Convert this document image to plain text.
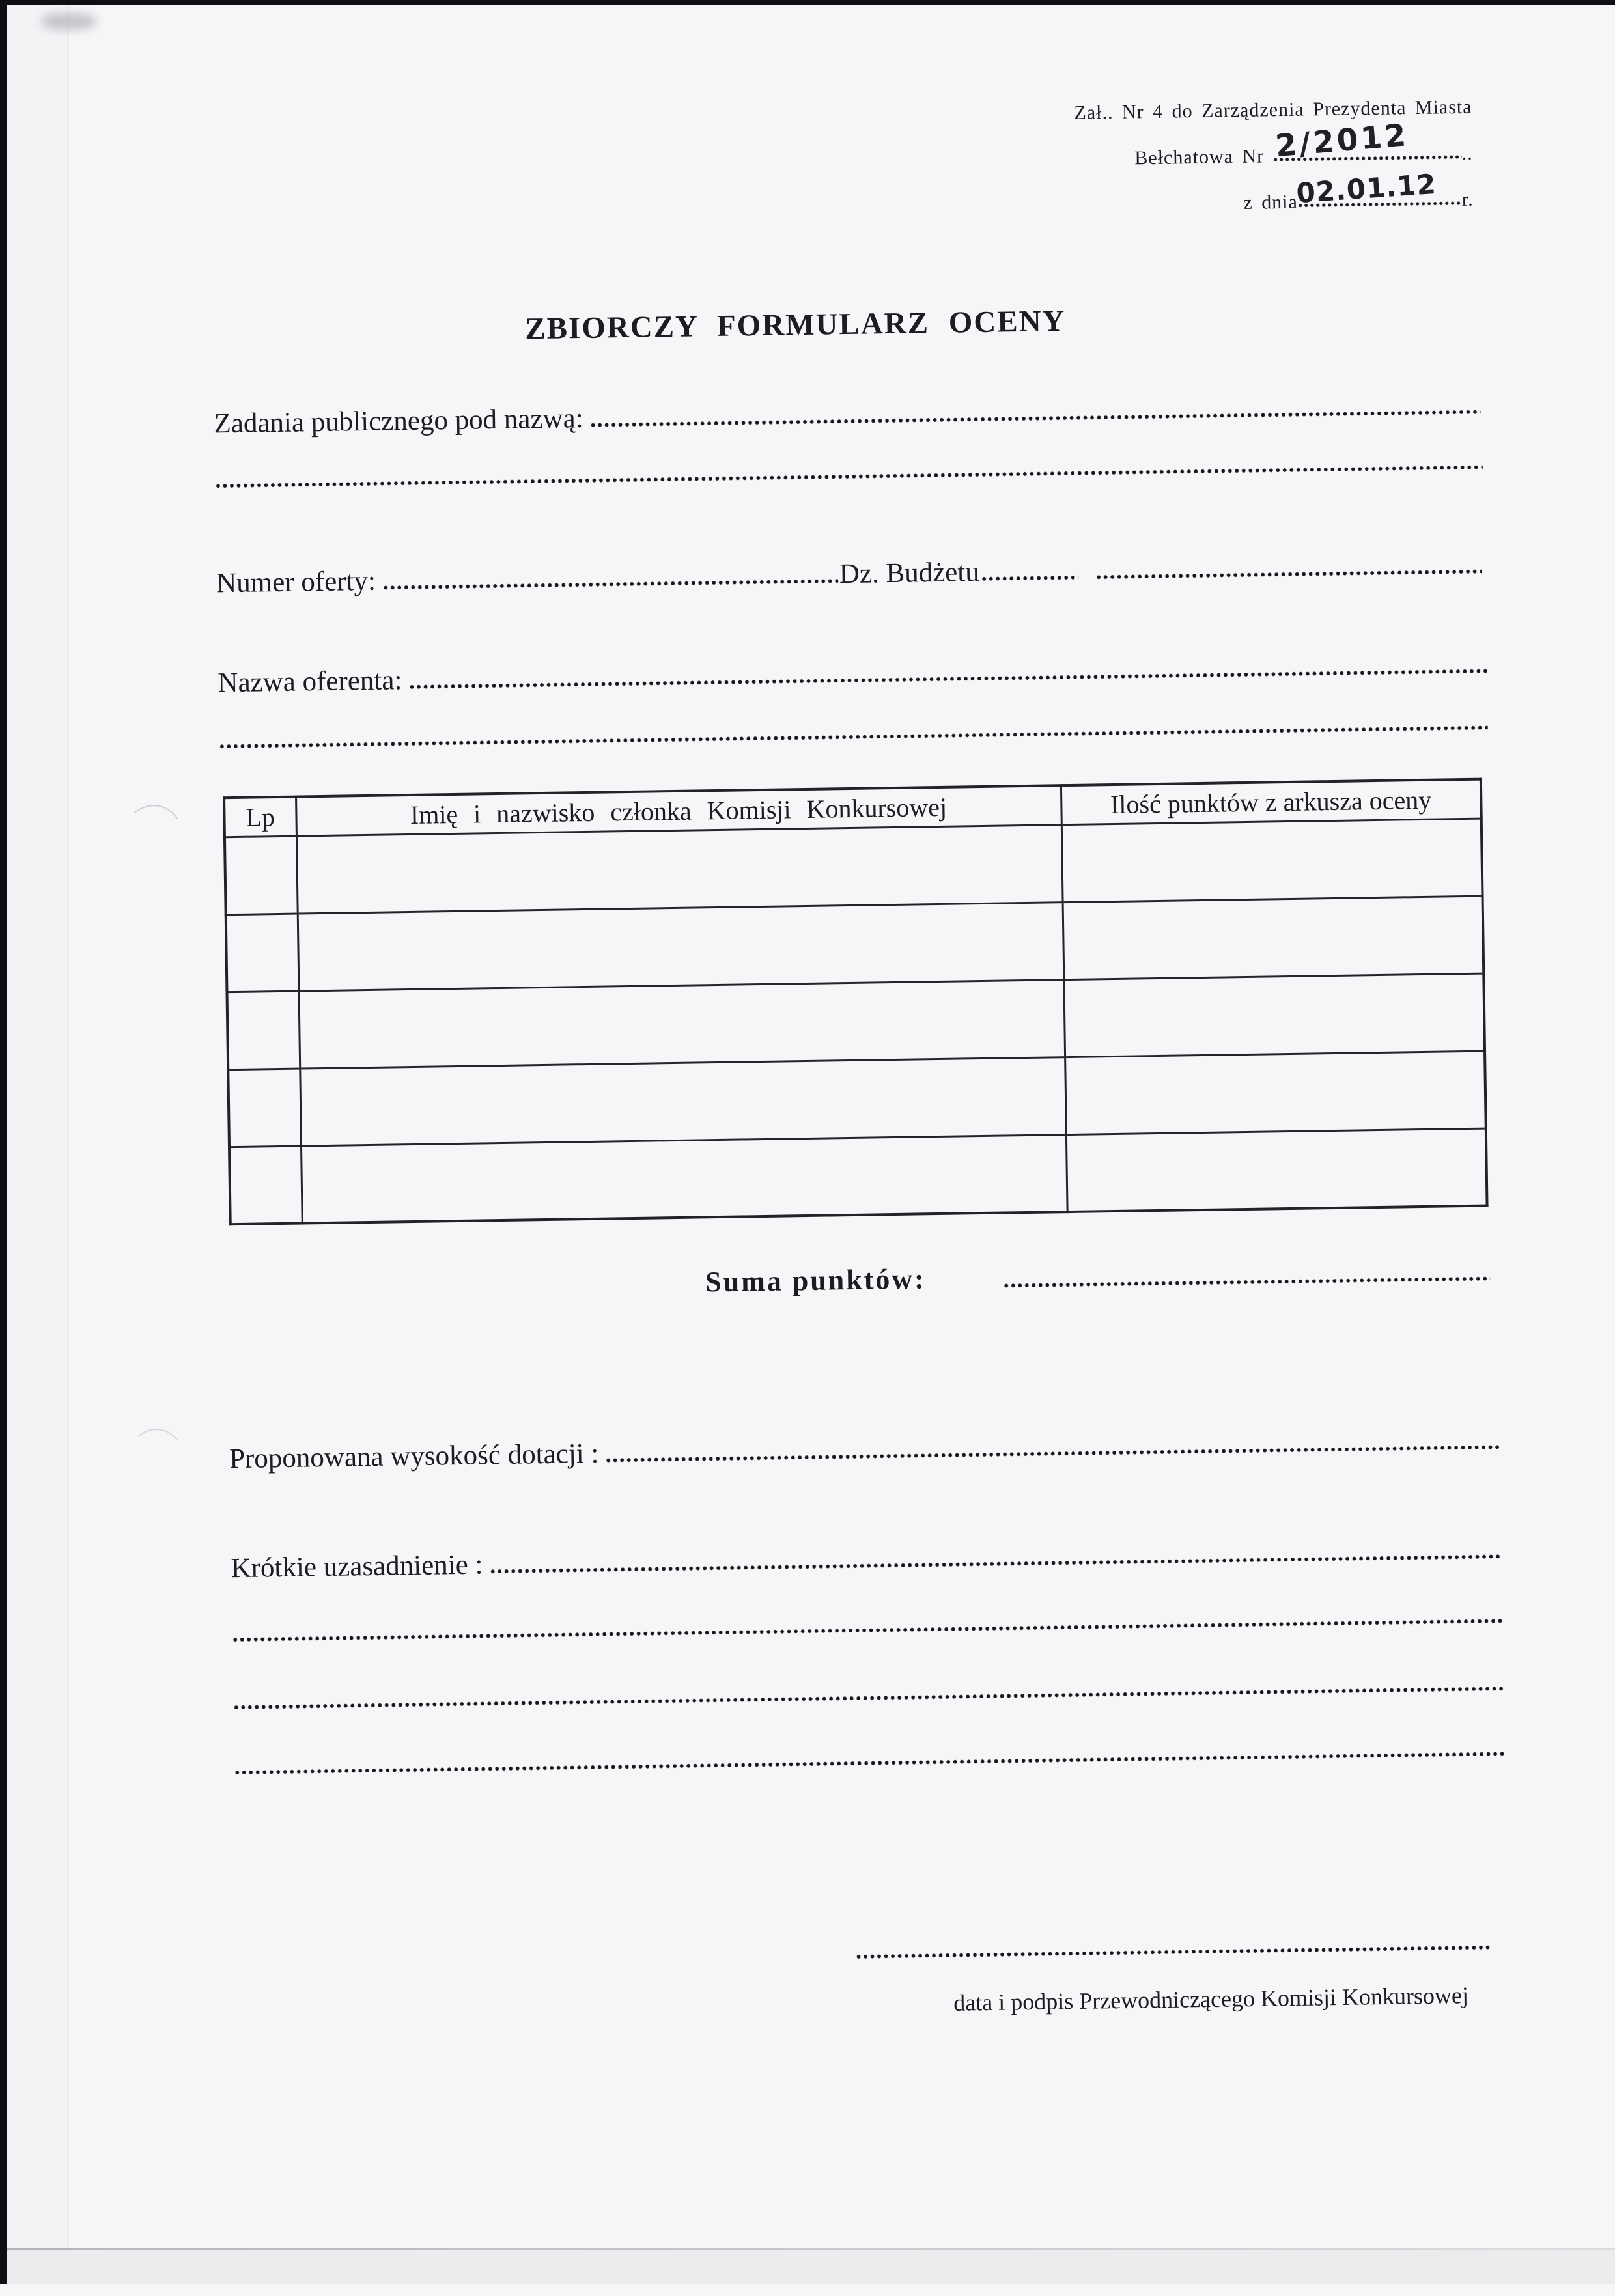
Zał.. Nr 4 do Zarządzenia Prezydenta Miasta
Bełchatowa Nr 2/2012	..
z dnia
02.01.12 r.
ZBIORCZY FORMULARZ OCENY
Zadania publicznego pod nazwą:
Numer oferty:	Dz. Budżetu
Nazwa oferenta:
Lp	Imię i nazwisko członka Komisji Konkursowej	Ilość punktów z arkusza oceny

Suma punktów:
Proponowana wysokość dotacji :
Krótkie uzasadnienie :
data i podpis Przewodniczącego Komisji Konkursowej
